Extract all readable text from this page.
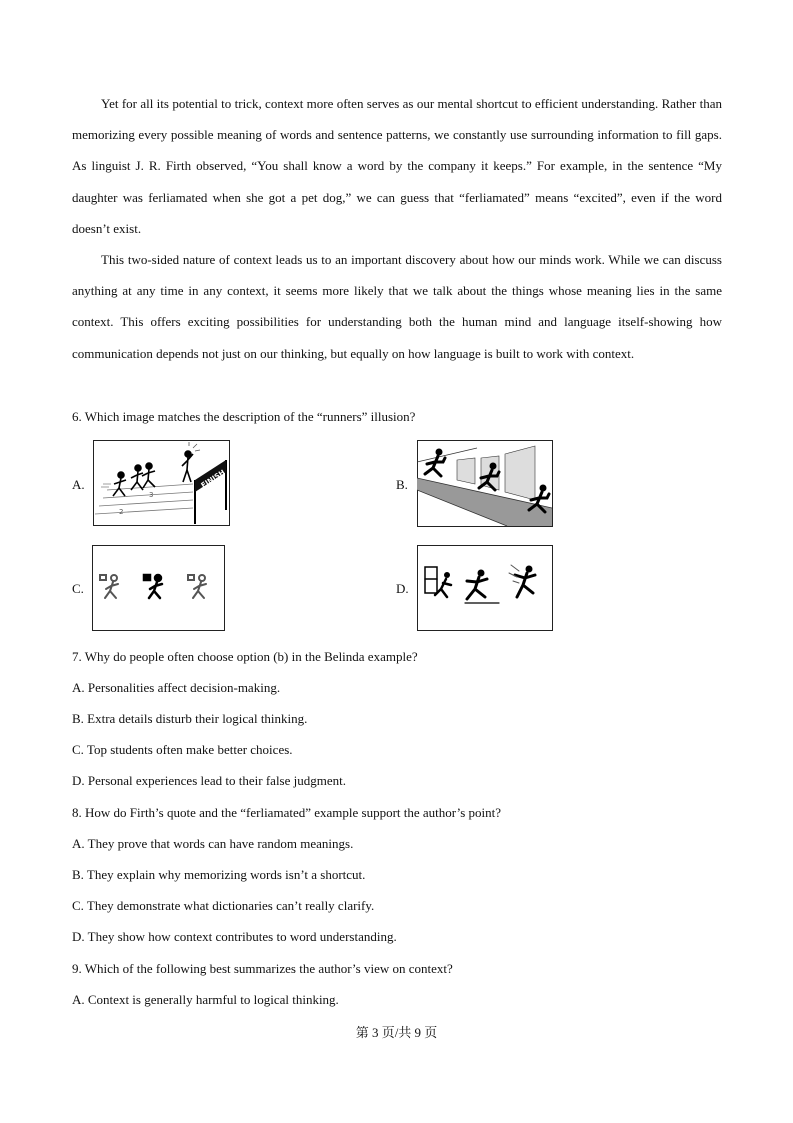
Yet for all its potential to trick, context more often serves as our mental shortcut to efficient understanding. Rather than memorizing every possible meaning of words and sentence patterns, we constantly use surrounding information to fill gaps. As linguist J. R. Firth observed, “You shall know a word by the company it keeps.” For example, in the sentence “My daughter was ferliamated when she got a pet dog,” we can guess that “ferliamated” means “excited”, even if the word doesn’t exist.

This two-sided nature of context leads us to an important discovery about how our minds work. While we can discuss anything at any time in any context, it seems more likely that we talk about the things whose meaning lies in the same context. This offers exciting possibilities for understanding both the human mind and language itself-showing how communication depends not just on our thinking, but equally on how language is built to work with context.

6. Which image matches the description of the “runners” illusion?
A.
2
3
FINISH	B.
C.	D.
7. Why do people often choose option (b) in the Belinda example?
A. Personalities affect decision-making.
B. Extra details disturb their logical thinking.
C. Top students often make better choices.
D. Personal experiences lead to their false judgment.
8. How do Firth’s quote and the “ferliamated” example support the author’s point?
A. They prove that words can have random meanings.
B. They explain why memorizing words isn’t a shortcut.
C. They demonstrate what dictionaries can’t really clarify.
D. They show how context contributes to word understanding.
9. Which of the following best summarizes the author’s view on context?
A. Context is generally harmful to logical thinking.
第 3 页/共 9 页
